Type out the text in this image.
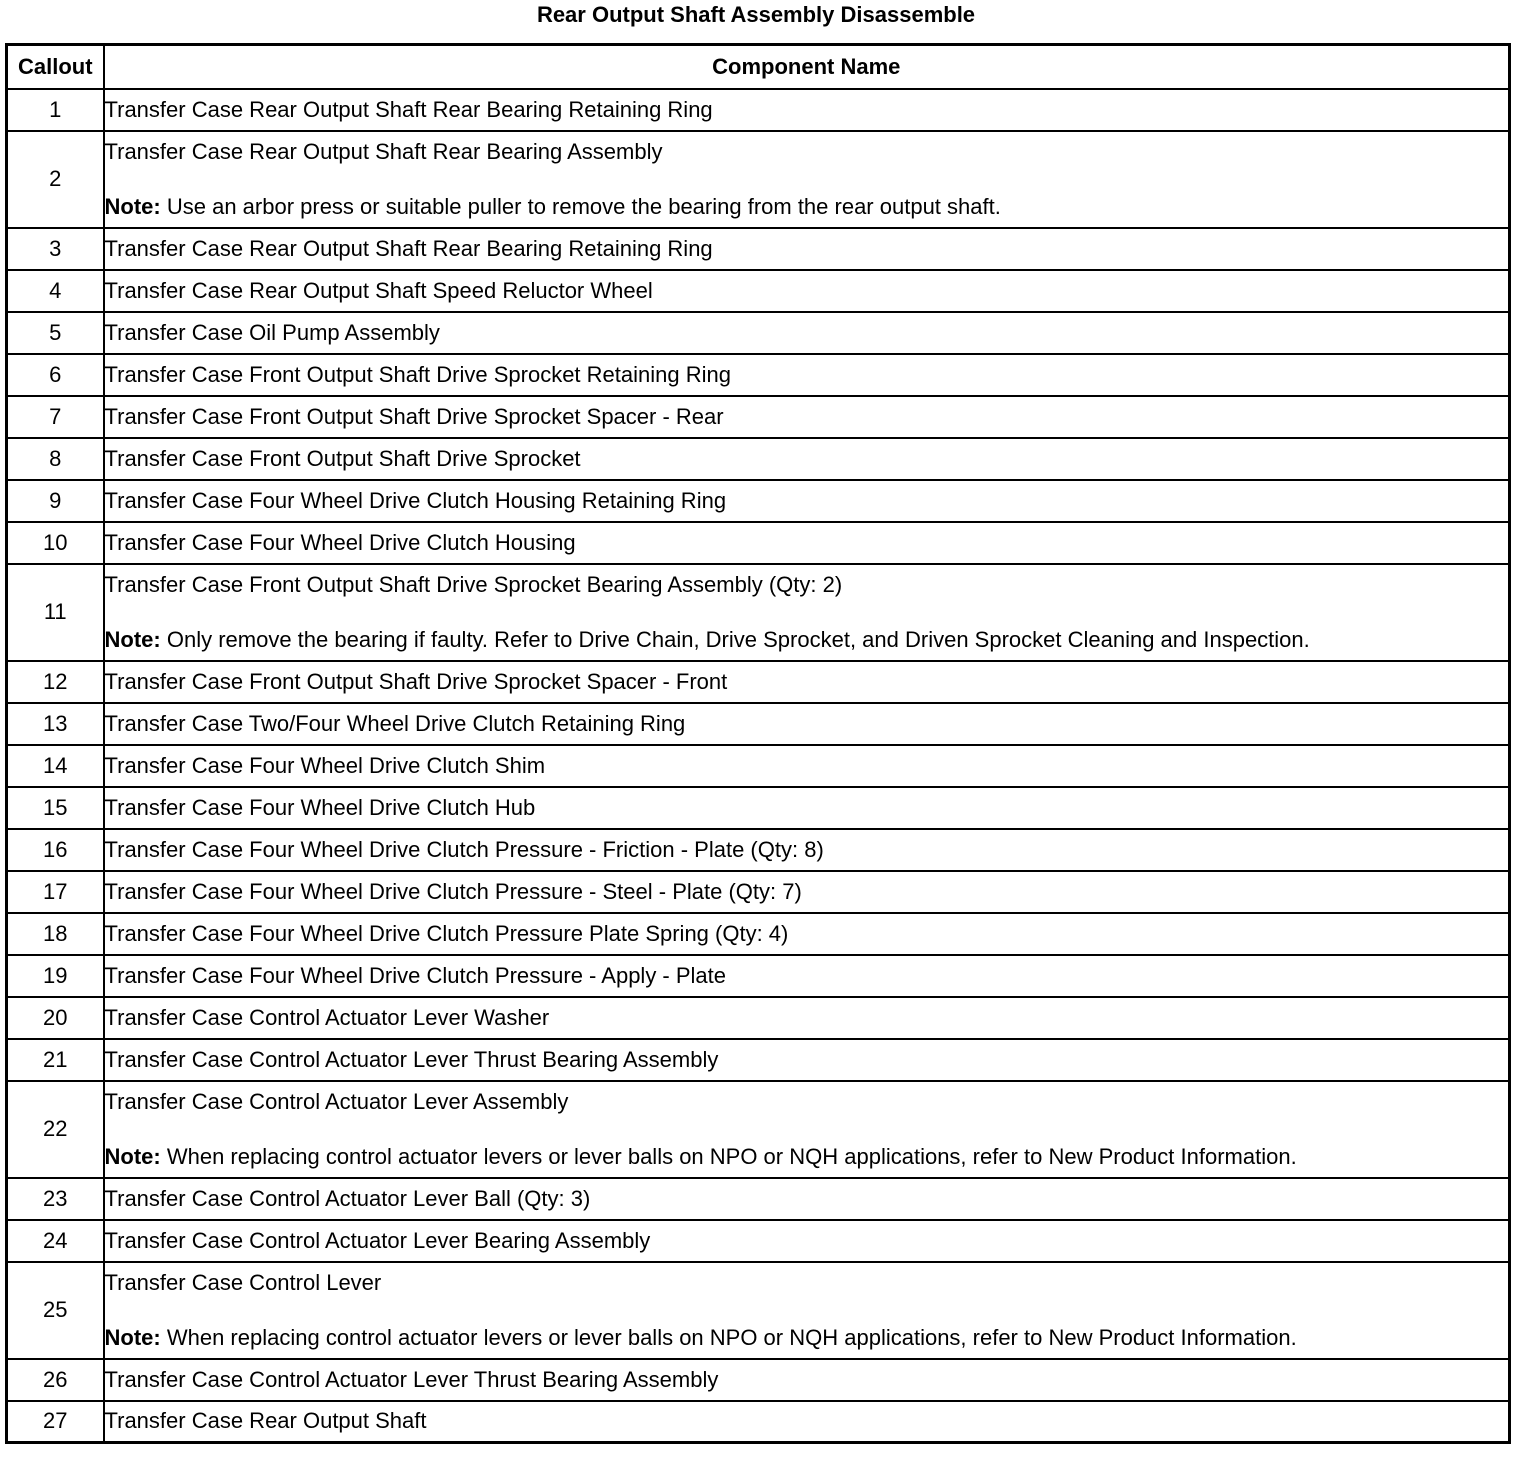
Rear Output Shaft Assembly Disassemble
Callout	Component Name
1	Transfer Case Rear Output Shaft Rear Bearing Retaining Ring

2	Transfer Case Rear Output Shaft Rear Bearing Assembly
Note: Use an arbor press or suitable puller to remove the bearing from the rear output shaft.

3	Transfer Case Rear Output Shaft Rear Bearing Retaining Ring

4	Transfer Case Rear Output Shaft Speed Reluctor Wheel

5	Transfer Case Oil Pump Assembly

6	Transfer Case Front Output Shaft Drive Sprocket Retaining Ring

7	Transfer Case Front Output Shaft Drive Sprocket Spacer - Rear

8	Transfer Case Front Output Shaft Drive Sprocket

9	Transfer Case Four Wheel Drive Clutch Housing Retaining Ring

10	Transfer Case Four Wheel Drive Clutch Housing

11	Transfer Case Front Output Shaft Drive Sprocket Bearing Assembly (Qty: 2)
Note: Only remove the bearing if faulty. Refer to Drive Chain, Drive Sprocket, and Driven Sprocket Cleaning and Inspection.

12	Transfer Case Front Output Shaft Drive Sprocket Spacer - Front

13	Transfer Case Two/Four Wheel Drive Clutch Retaining Ring

14	Transfer Case Four Wheel Drive Clutch Shim

15	Transfer Case Four Wheel Drive Clutch Hub

16	Transfer Case Four Wheel Drive Clutch Pressure - Friction - Plate (Qty: 8)

17	Transfer Case Four Wheel Drive Clutch Pressure - Steel - Plate (Qty: 7)

18	Transfer Case Four Wheel Drive Clutch Pressure Plate Spring (Qty: 4)

19	Transfer Case Four Wheel Drive Clutch Pressure - Apply - Plate

20	Transfer Case Control Actuator Lever Washer

21	Transfer Case Control Actuator Lever Thrust Bearing Assembly

22	Transfer Case Control Actuator Lever Assembly
Note: When replacing control actuator levers or lever balls on NPO or NQH applications, refer to New Product Information.

23	Transfer Case Control Actuator Lever Ball (Qty: 3)

24	Transfer Case Control Actuator Lever Bearing Assembly

25	Transfer Case Control Lever
Note: When replacing control actuator levers or lever balls on NPO or NQH applications, refer to New Product Information.

26	Transfer Case Control Actuator Lever Thrust Bearing Assembly

27	Transfer Case Rear Output Shaft
